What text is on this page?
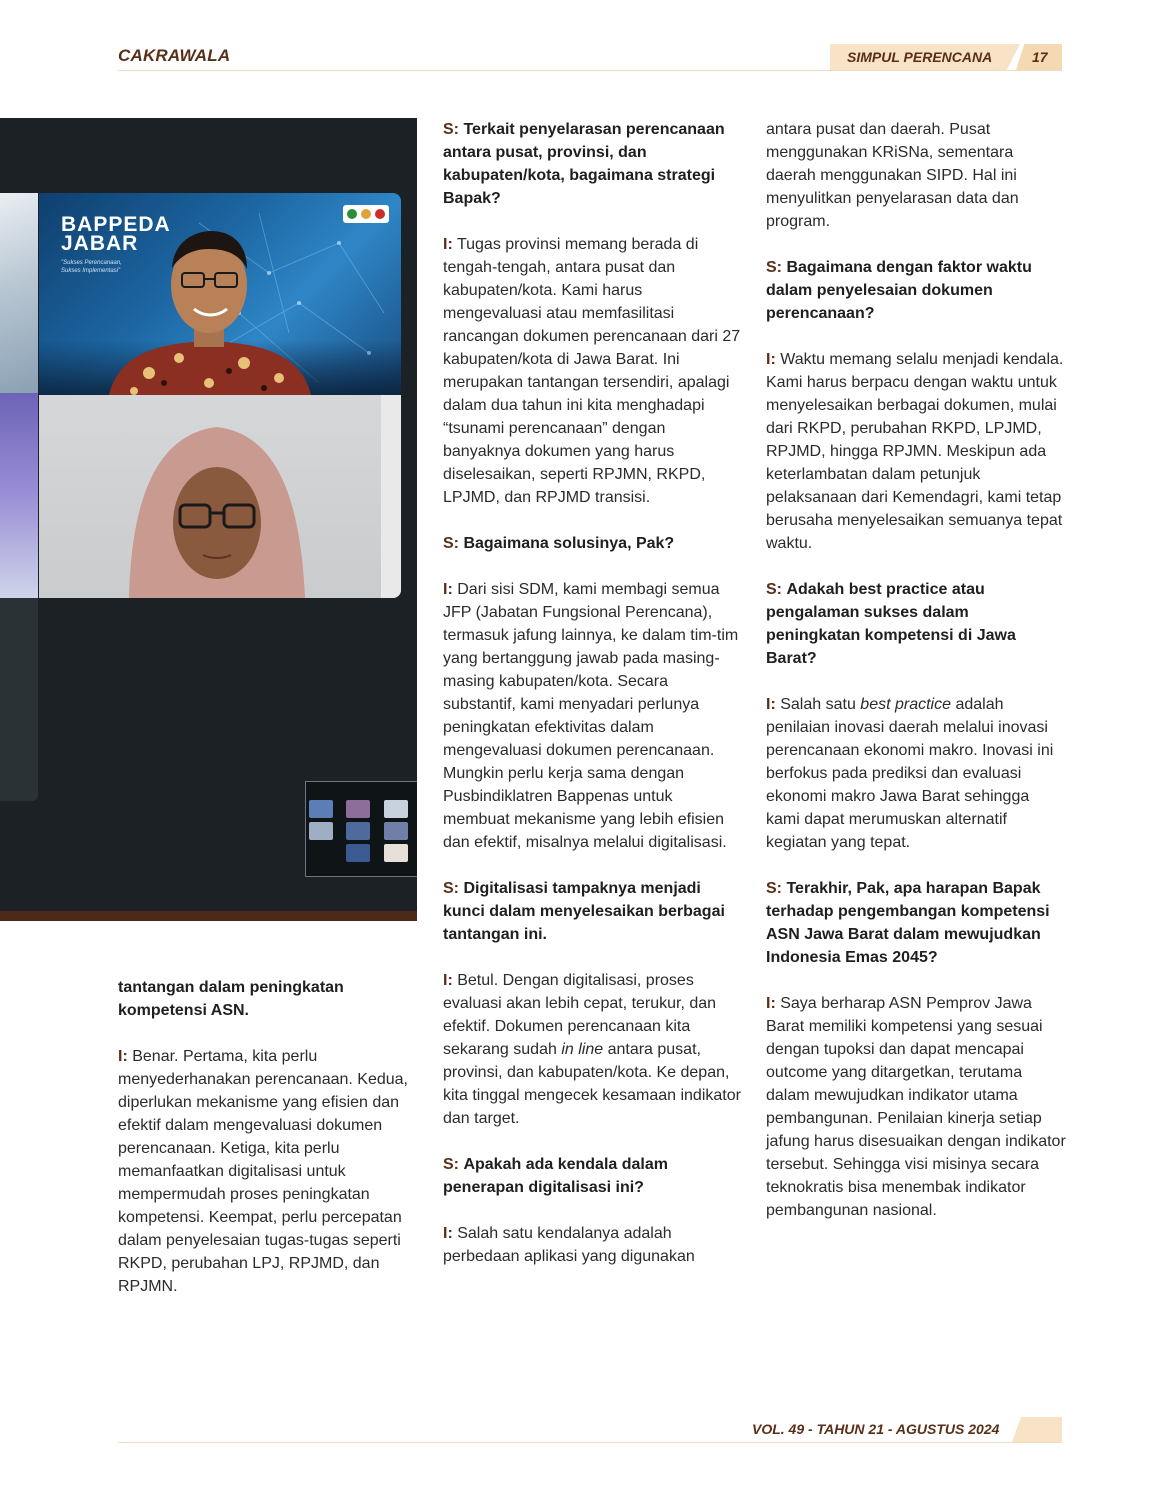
CAKRAWALA	SIMPUL PERENCANA	17
BAPPEDA
JABAR
"Sukses Perencanaan, Sukses Implementasi"

tantangan dalam peningkatan kompetensi ASN.

I: Benar. Pertama, kita perlu menyederhanakan perencanaan. Kedua, diperlukan mekanisme yang efisien dan efektif dalam mengevaluasi dokumen perencanaan. Ketiga, kita perlu memanfaatkan digitalisasi untuk mempermudah proses peningkatan kompetensi. Keempat, perlu percepatan dalam penyelesaian tugas-tugas seperti RKPD, perubahan LPJ, RPJMD, dan RPJMN.

S: Terkait penyelarasan perencanaan antara pusat, provinsi, dan kabupaten/kota, bagaimana strategi Bapak?

I: Tugas provinsi memang berada di tengah-tengah, antara pusat dan kabupaten/kota. Kami harus mengevaluasi atau memfasilitasi rancangan dokumen perencanaan dari 27 kabupaten/kota di Jawa Barat. Ini merupakan tantangan tersendiri, apalagi dalam dua tahun ini kita menghadapi “tsunami perencanaan” dengan banyaknya dokumen yang harus diselesaikan, seperti RPJMN, RKPD, LPJMD, dan RPJMD transisi.

S: Bagaimana solusinya, Pak?

I: Dari sisi SDM, kami membagi semua JFP (Jabatan Fungsional Perencana), termasuk jafung lainnya, ke dalam tim-tim yang bertanggung jawab pada masing-masing kabupaten/kota. Secara substantif, kami menyadari perlunya peningkatan efektivitas dalam mengevaluasi dokumen perencanaan. Mungkin perlu kerja sama dengan Pusbindiklatren Bappenas untuk membuat mekanisme yang lebih efisien dan efektif, misalnya melalui digitalisasi.

S: Digitalisasi tampaknya menjadi kunci dalam menyelesaikan berbagai tantangan ini.

I: Betul. Dengan digitalisasi, proses evaluasi akan lebih cepat, terukur, dan efektif. Dokumen perencanaan kita sekarang sudah in line antara pusat, provinsi, dan kabupaten/kota. Ke depan, kita tinggal mengecek kesamaan indikator dan target.

S: Apakah ada kendala dalam penerapan digitalisasi ini?

I: Salah satu kendalanya adalah perbedaan aplikasi yang digunakan

antara pusat dan daerah. Pusat menggunakan KRiSNa, sementara daerah menggunakan SIPD. Hal ini menyulitkan penyelarasan data dan program.

S: Bagaimana dengan faktor waktu dalam penyelesaian dokumen perencanaan?

I: Waktu memang selalu menjadi kendala. Kami harus berpacu dengan waktu untuk menyelesaikan berbagai dokumen, mulai dari RKPD, perubahan RKPD, LPJMD, RPJMD, hingga RPJMN. Meskipun ada keterlambatan dalam petunjuk pelaksanaan dari Kemendagri, kami tetap berusaha menyelesaikan semuanya tepat waktu.

S: Adakah best practice atau pengalaman sukses dalam peningkatan kompetensi di Jawa Barat?

I: Salah satu best practice adalah penilaian inovasi daerah melalui inovasi perencanaan ekonomi makro. Inovasi ini berfokus pada prediksi dan evaluasi ekonomi makro Jawa Barat sehingga kami dapat merumuskan alternatif kegiatan yang tepat.

S: Terakhir, Pak, apa harapan Bapak terhadap pengembangan kompetensi ASN Jawa Barat dalam mewujudkan Indonesia Emas 2045?

I: Saya berharap ASN Pemprov Jawa Barat memiliki kompetensi yang sesuai dengan tupoksi dan dapat mencapai outcome yang ditargetkan, terutama dalam mewujudkan indikator utama pembangunan. Penilaian kinerja setiap jafung harus disesuaikan dengan indikator tersebut. Sehingga visi misinya secara teknokratis bisa menembak indikator pembangunan nasional.

VOL. 49 - TAHUN 21 - AGUSTUS 2024
